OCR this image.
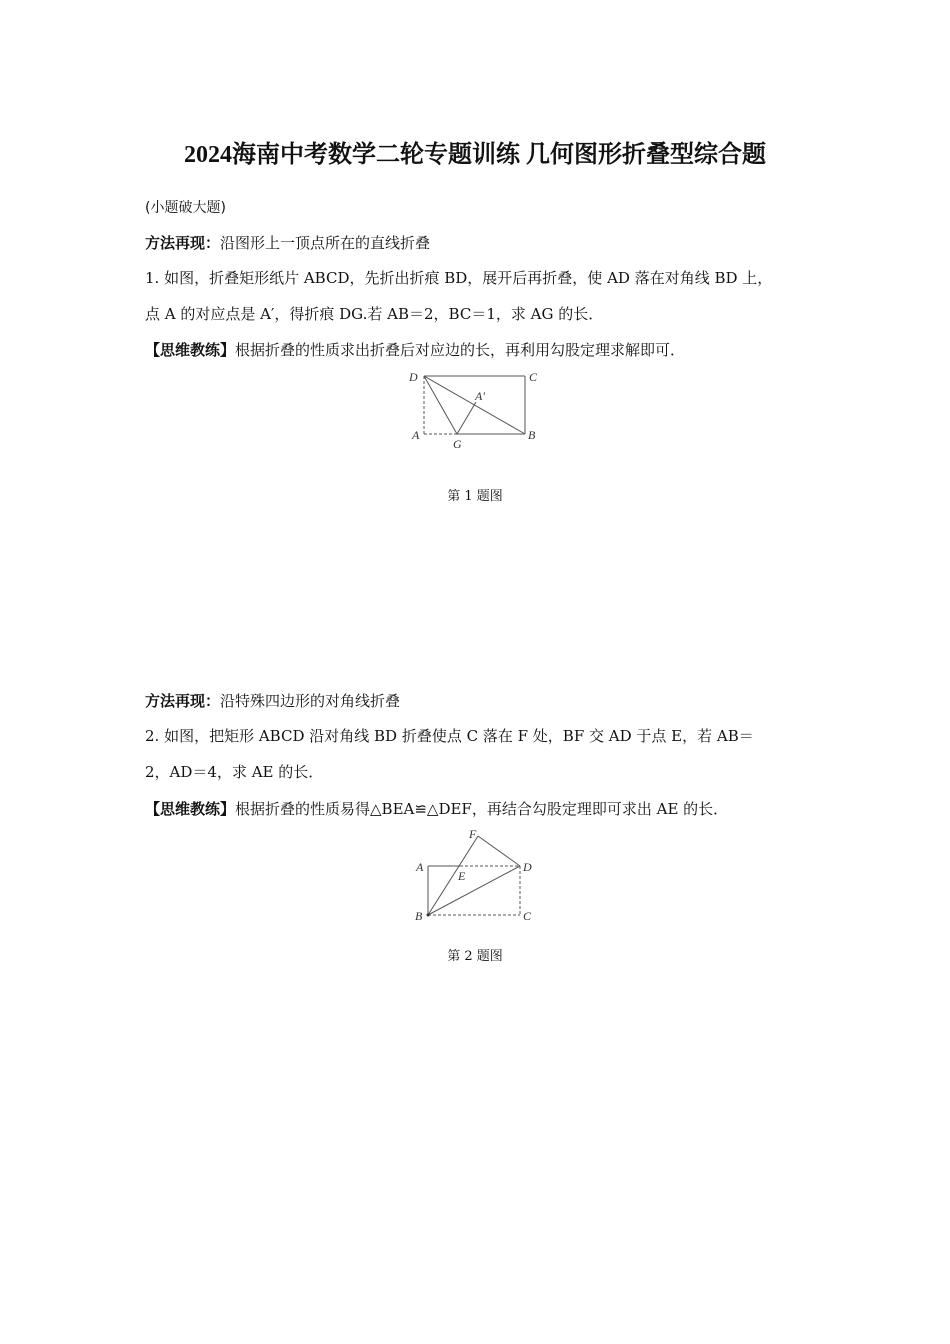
2024海南中考数学二轮专题训练 几何图形折叠型综合题
(小题破大题)
方法再现：沿图形上一顶点所在的直线折叠
1. 如图，折叠矩形纸片 ABCD，先折出折痕 BD，展开后再折叠，使 AD 落在对角线 BD 上，
点 A 的对应点是 A′，得折痕 DG.若 AB＝2，BC＝1，求 AG 的长．
【思维教练】根据折叠的性质求出折叠后对应边的长，再利用勾股定理求解即可．
D	C
A′
A
G
B
第 1 题图
方法再现：沿特殊四边形的对角线折叠
2. 如图，把矩形 ABCD 沿对角线 BD 折叠使点 C 落在 F 处，BF 交 AD 于点 E，若 AB＝
2，AD＝4，求 AE 的长．
【思维教练】根据折叠的性质易得△BEA≌△DEF，再结合勾股定理即可求出 AE 的长．
F
A
E
D
B	C
第 2 题图
